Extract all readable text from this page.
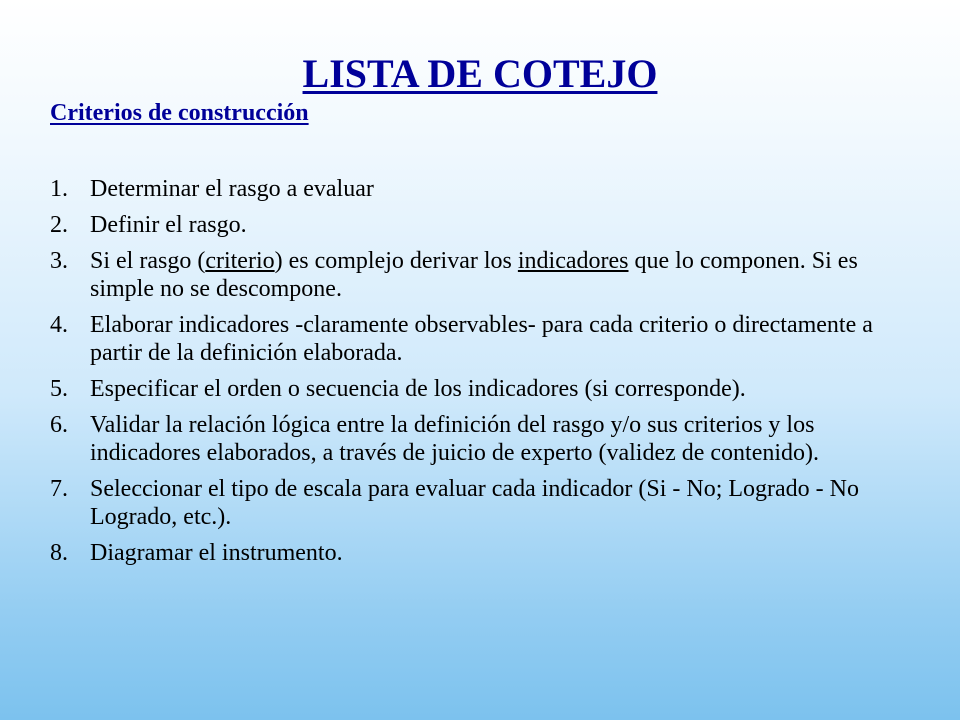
LISTA DE COTEJO
Criterios de construcción
1. Determinar el rasgo a evaluar
2. Definir el rasgo.
3. Si el rasgo (criterio) es complejo derivar los indicadores que lo componen. Si es simple no se descompone.
4. Elaborar indicadores -claramente observables- para cada criterio o directamente a partir de la definición elaborada.
5. Especificar el orden o secuencia de los indicadores (si corresponde).
6. Validar la relación lógica entre la definición del rasgo y/o sus criterios y los indicadores elaborados, a través de juicio de experto (validez de contenido).
7. Seleccionar el tipo de escala para evaluar cada indicador (Si - No; Logrado - No Logrado, etc.).
8. Diagramar el instrumento.
